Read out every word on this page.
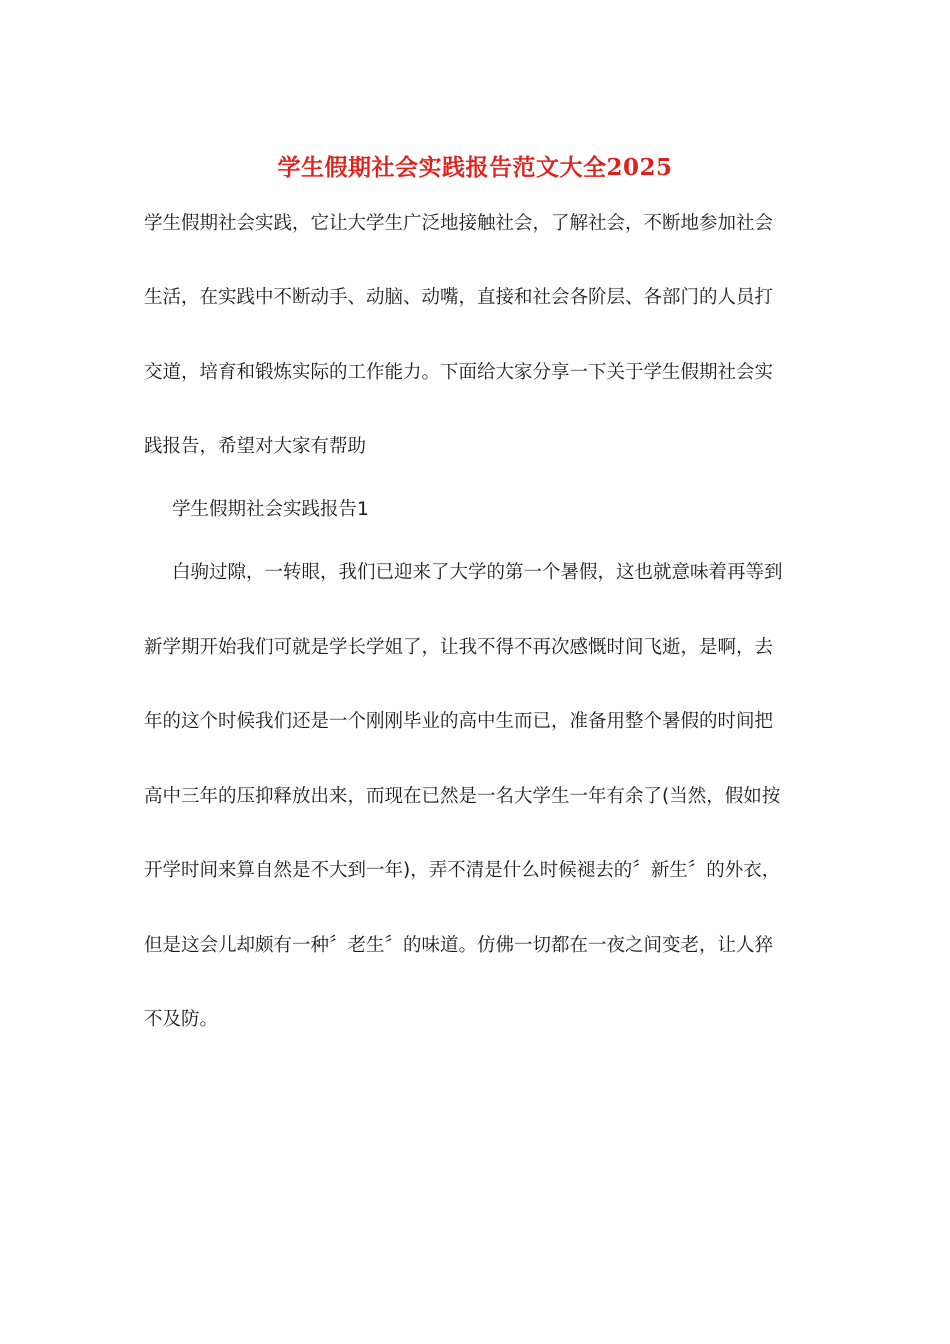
学生假期社会实践报告范文大全2025
学生假期社会实践，它让大学生广泛地接触社会，了解社会，不断地参加社会
生活，在实践中不断动手、动脑、动嘴，直接和社会各阶层、各部门的人员打
交道，培育和锻炼实际的工作能力。下面给大家分享一下关于学生假期社会实
践报告，希望对大家有帮助
学生假期社会实践报告1
白驹过隙，一转眼，我们已迎来了大学的第一个暑假，这也就意味着再等到
新学期开始我们可就是学长学姐了，让我不得不再次感慨时间飞逝，是啊，去
年的这个时候我们还是一个刚刚毕业的高中生而已，准备用整个暑假的时间把
高中三年的压抑释放出来，而现在已然是一名大学生一年有余了(当然，假如按
开学时间来算自然是不大到一年)，弄不清是什么时候褪去的〞新生〞的外衣，
但是这会儿却颇有一种〞老生〞的味道。仿佛一切都在一夜之间变老，让人猝
不及防。
